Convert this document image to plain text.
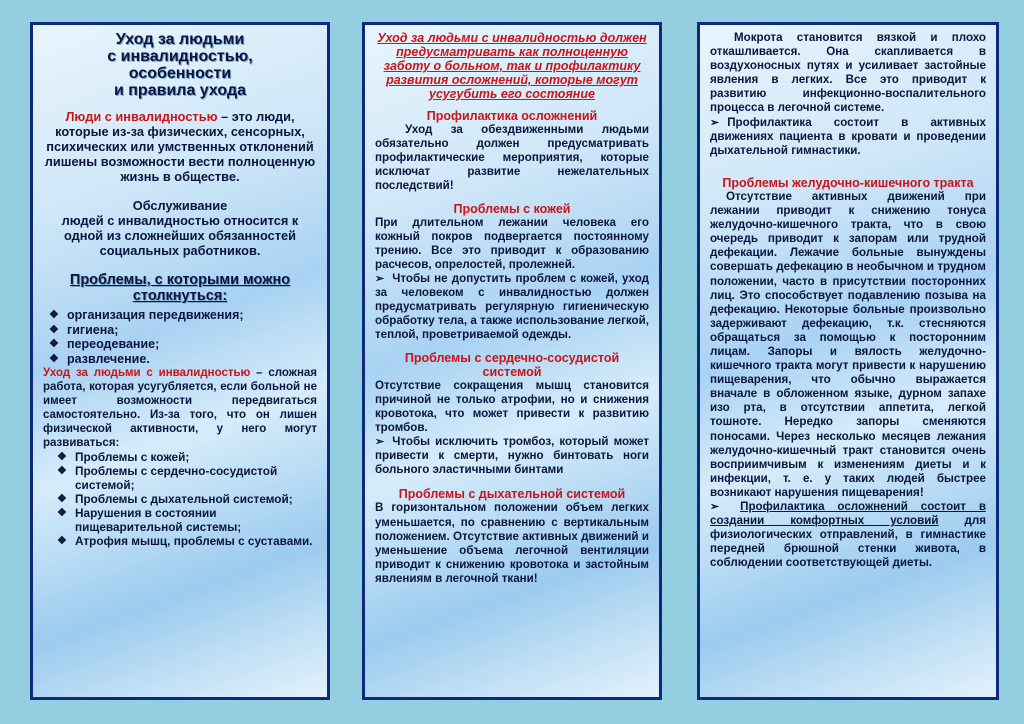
Уход за людьми
с инвалидностью,
особенности
и правила ухода

Люди с инвалидностью – это люди, которые из-за физических, сенсорных, психических или умственных отклонений лишены возможности вести полноценную жизнь в обществе.

Обслуживание
людей с инвалидностью относится к одной из сложнейших обязанностей социальных работников.

Проблемы, с которыми можно столкнуться:

❖ организация передвижения;
❖ гигиена;
❖ переодевание;
❖ развлечение.

Уход за людьми с инвалидностью – сложная работа, которая усугубляется, если больной не имеет возможности передвигаться самостоятельно. Из-за того, что он лишен физической активности, у него могут развиваться:

❖ Проблемы с кожей;
❖ Проблемы с сердечно-сосудистой системой;
❖ Проблемы с дыхательной системой;
❖ Нарушения в состоянии пищеварительной системы;
❖ Атрофия мышц, проблемы с суставами.

Уход за людьми с инвалидностью должен предусматривать как полноценную заботу о больном, так и профилактику развития осложнений, которые могут усугубить его состояние

Профилактика осложнений

Уход за обездвиженными людьми обязательно должен предусматривать профилактические мероприятия, которые исключат развитие нежелательных последствий!

Проблемы с кожей

При длительном лежании человека его кожный покров подвергается постоянному трению. Все это приводит к образованию расчесов, опрелостей, пролежней.

➢ Чтобы не допустить проблем с кожей, уход за человеком с инвалидностью должен предусматривать регулярную гигиеническую обработку тела, а также использование легкой, теплой, проветриваемой одежды.

Проблемы с сердечно-сосудистой системой

Отсутствие сокращения мышц становится причиной не только атрофии, но и снижения кровотока, что может привести к развитию тромбов.

➢ Чтобы исключить тромбоз, который может привести к смерти, нужно бинтовать ноги больного эластичными бинтами

Проблемы с дыхательной системой

В горизонтальном положении объем легких уменьшается, по сравнению с вертикальным положением. Отсутствие активных движений и уменьшение объема легочной вентиляции приводит к снижению кровотока и застойным явлениям в легочной ткани!

Мокрота становится вязкой и плохо откашливается. Она скапливается в воздухоносных путях и усиливает застойные явления в легких. Все это приводит к развитию инфекционно-воспалительного процесса в легочной системе.

➢ Профилактика состоит в активных движениях пациента в кровати и проведении дыхательной гимнастики.

Проблемы желудочно-кишечного тракта

Отсутствие активных движений при лежании приводит к снижению тонуса желудочно-кишечного тракта, что в свою очередь приводит к запорам или трудной дефекации. Лежачие больные вынуждены совершать дефекацию в необычном и трудном положении, часто в присутствии посторонних лиц. Это способствует подавлению позыва на дефекацию. Некоторые больные произвольно задерживают дефекацию, т.к. стесняются обращаться за помощью к посторонним лицам. Запоры и вялость желудочно-кишечного тракта могут привести к нарушению пищеварения, что обычно выражается вначале в обложенном языке, дурном запахе изо рта, в отсутствии аппетита, легкой тошноте. Нередко запоры сменяются поносами. Через несколько месяцев лежания желудочно-кишечный тракт становится очень восприимчивым к изменениям диеты и к инфекции, т. е. у таких людей быстрее возникают нарушения пищеварения!

➢ Профилактика осложнений состоит в создании комфортных условий для физиологических отправлений, в гимнастике передней брюшной стенки живота, в соблюдении соответствующей диеты.
